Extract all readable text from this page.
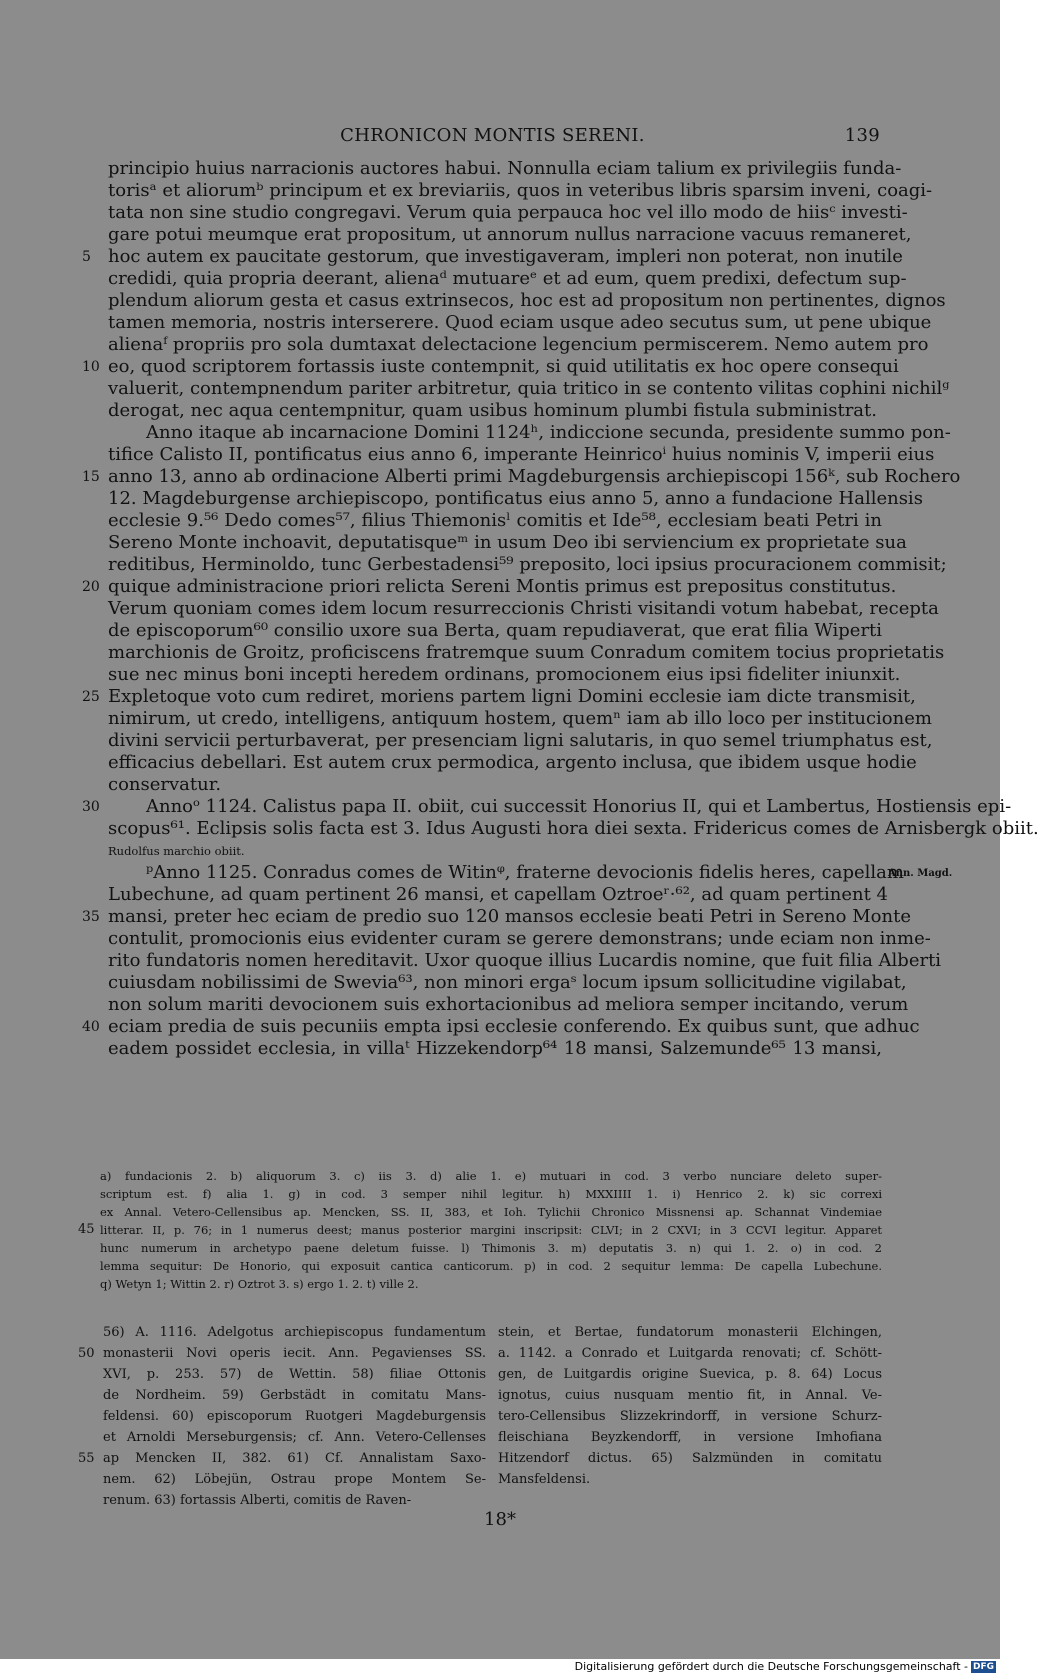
CHRONICON MONTIS SERENI.	139
principio huius narracionis auctores habui. Nonnulla eciam talium ex privilegiis funda-
torisᵃ et aliorumᵇ principum et ex breviariis, quos in veteribus libris sparsim inveni, coagi-
tata non sine studio congregavi. Verum quia perpauca hoc vel illo modo de hiisᶜ investi-
gare potui meumque erat propositum, ut annorum nullus narracione vacuus remaneret,
hoc autem ex paucitate gestorum, que investigaveram, impleri non poterat, non inutile
5
credidi, quia propria deerant, alienaᵈ mutuareᵉ et ad eum, quem predixi, defectum sup-
plendum aliorum gesta et casus extrinsecos, hoc est ad propositum non pertinentes, dignos
tamen memoria, nostris interserere. Quod eciam usque adeo secutus sum, ut pene ubique
alienaᶠ propriis pro sola dumtaxat delectacione legencium permiscerem. Nemo autem pro
eo, quod scriptorem fortassis iuste contempnit, si quid utilitatis ex hoc opere consequi
10
valuerit, contempnendum pariter arbitretur, quia tritico in se contento vilitas cophini nichilᵍ
derogat, nec aqua centempnitur, quam usibus hominum plumbi fistula subministrat.
Anno itaque ab incarnacione Domini 1124ʰ, indiccione secunda, presidente summo pon-
tifice Calisto II, pontificatus eius anno 6, imperante Heinricoⁱ huius nominis V, imperii eius
anno 13, anno ab ordinacione Alberti primi Magdeburgensis archiepiscopi 156ᵏ, sub Rochero
15
12. Magdeburgense archiepiscopo, pontificatus eius anno 5, anno a fundacione Hallensis
ecclesie 9.⁵⁶ Dedo comes⁵⁷, filius Thiemonisˡ comitis et Ide⁵⁸, ecclesiam beati Petri in
Sereno Monte inchoavit, deputatisqueᵐ in usum Deo ibi serviencium ex proprietate sua
reditibus, Herminoldo, tunc Gerbestadensi⁵⁹ preposito, loci ipsius procuracionem commisit;
quique administracione priori relicta Sereni Montis primus est prepositus constitutus.
20
Verum quoniam comes idem locum resurreccionis Christi visitandi votum habebat, recepta
de episcoporum⁶⁰ consilio uxore sua Berta, quam repudiaverat, que erat filia Wiperti
marchionis de Groitz, proficiscens fratremque suum Conradum comitem tocius proprietatis
sue nec minus boni incepti heredem ordinans, promocionem eius ipsi fideliter iniunxit.
Expletoque voto cum rediret, moriens partem ligni Domini ecclesie iam dicte transmisit,
25
nimirum, ut credo, intelligens, antiquum hostem, quemⁿ iam ab illo loco per institucionem
divini servicii perturbaverat, per presenciam ligni salutaris, in quo semel triumphatus est,
efficacius debellari. Est autem crux permodica, argento inclusa, que ibidem usque hodie
conservatur.
Annoᵒ 1124. Calistus papa II. obiit, cui successit Honorius II, qui et Lambertus, Hostiensis epi-
30
scopus⁶¹. Eclipsis solis facta est 3. Idus Augusti hora diei sexta. Fridericus comes de Arnisbergk obiit.
Rudolfus marchio obiit.
ᵖAnno 1125. Conradus comes de Witinᵠ, fraterne devocionis fidelis heres, capellam
Lubechune, ad quam pertinent 26 mansi, et capellam Oztroeʳ·⁶², ad quam pertinent 4
mansi, preter hec eciam de predio suo 120 mansos ecclesie beati Petri in Sereno Monte
35
contulit, promocionis eius evidenter curam se gerere demonstrans; unde eciam non inme-
rito fundatoris nomen hereditavit. Uxor quoque illius Lucardis nomine, que fuit filia Alberti
cuiusdam nobilissimi de Swevia⁶³, non minori ergaˢ locum ipsum sollicitudine vigilabat,
non solum mariti devocionem suis exhortacionibus ad meliora semper incitando, verum
eciam predia de suis pecuniis empta ipsi ecclesie conferendo. Ex quibus sunt, que adhuc
40
eadem possidet ecclesia, in villaᵗ Hizzekendorp⁶⁴ 18 mansi, Salzemunde⁶⁵ 13 mansi,
Ann. Magd.
a) fundacionis 2. b) aliquorum 3. c) iis 3. d) alie 1. e) mutuari in cod. 3 verbo nunciare deleto super-
scriptum est. f) alia 1. g) in cod. 3 semper nihil legitur. h) MXXIIII 1. i) Henrico 2. k) sic correxi
ex Annal. Vetero-Cellensibus ap. Mencken, SS. II, 383, et Ioh. Tylichii Chronico Missnensi ap. Schannat Vindemiae
litterar. II, p. 76; in 1 numerus deest; manus posterior margini inscripsit: CLVI; in 2 CXVI; in 3 CCVI legitur. Apparet
45
hunc numerum in archetypo paene deletum fuisse. l) Thimonis 3. m) deputatis 3. n) qui 1. 2. o) in cod. 2
lemma sequitur: De Honorio, qui exposuit cantica canticorum. p) in cod. 2 sequitur lemma: De capella Lubechune.
q) Wetyn 1; Wittin 2. r) Oztrot 3. s) ergo 1. 2. t) ville 2.
56) A. 1116. Adelgotus archiepiscopus fundamentum
monasterii Novi operis iecit. Ann. Pegavienses SS.
50
XVI, p. 253. 57) de Wettin. 58) filiae Ottonis
de Nordheim. 59) Gerbstädt in comitatu Mans-
feldensi. 60) episcoporum Ruotgeri Magdeburgensis
et Arnoldi Merseburgensis; cf. Ann. Vetero-Cellenses
ap Mencken II, 382. 61) Cf. Annalistam Saxo-
55
nem. 62) Löbejün, Ostrau prope Montem Se-
renum. 63) fortassis Alberti, comitis de Raven-
stein, et Bertae, fundatorum monasterii Elchingen,
a. 1142. a Conrado et Luitgarda renovati; cf. Schött-
gen, de Luitgardis origine Suevica, p. 8. 64) Locus
ignotus, cuius nusquam mentio fit, in Annal. Ve-
tero-Cellensibus Slizzekrindorff, in versione Schurz-
fleischiana Beyzkendorff, in versione Imhofiana
Hitzendorf dictus. 65) Salzmünden in comitatu
Mansfeldensi.
18*
Digitalisierung gefördert durch die Deutsche Forschungsgemeinschaft - DFG
